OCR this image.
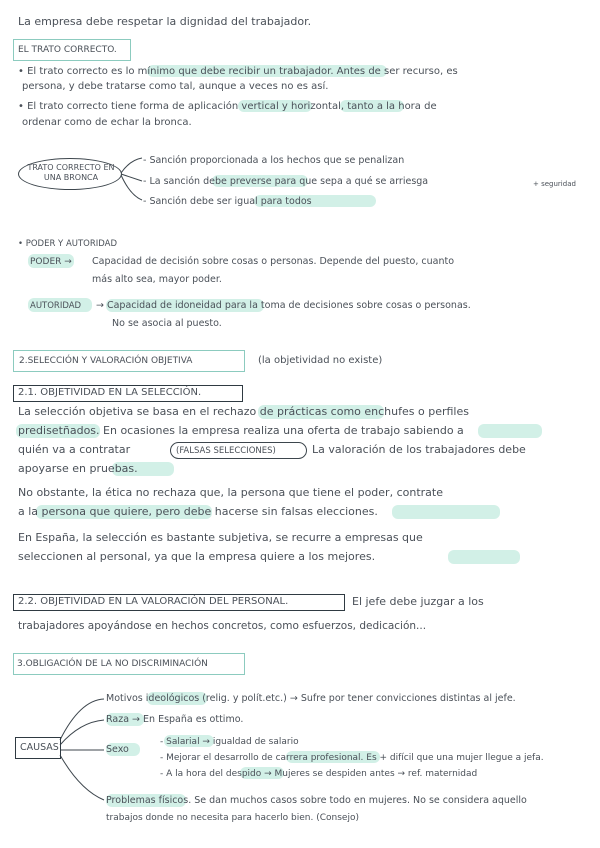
La empresa debe respetar la dignidad del trabajador.
EL TRATO CORRECTO.
• El trato correcto es lo mínimo que debe recibir un trabajador. Antes de ser recurso, es
persona, y debe tratarse como tal, aunque a veces no es así.
• El trato correcto tiene forma de aplicación vertical y horizontal, tanto a la hora de
ordenar como de echar la bronca.
TRATO CORRECTO EN UNA BRONCA
- Sanción proporcionada a los hechos que se penalizan
- La sanción debe preverse para que sepa a qué se arriesga	+ seguridad
- Sanción debe ser igual para todos
• PODER Y AUTORIDAD
PODER → Capacidad de decisión sobre cosas o personas. Depende del puesto, cuanto
más alto sea, mayor poder.
AUTORIDAD → Capacidad de idoneidad para la toma de decisiones sobre cosas o personas.
No se asocia al puesto.
2.SELECCIÓN Y VALORACIÓN OBJETIVA	(la objetividad no existe)
2.1. OBJETIVIDAD EN LA SELECCIÓN.
La selección objetiva se basa en el rechazo de prácticas como enchufes o perfiles
predisetñados. En ocasiones la empresa realiza una oferta de trabajo sabiendo a
quién va a contratar	(FALSAS SELECCIONES)	La valoración de los trabajadores debe
apoyarse en pruebas.
No obstante, la ética no rechaza que, la persona que tiene el poder, contrate
a la persona que quiere, pero debe hacerse sin falsas elecciones.
En España, la selección es bastante subjetiva, se recurre a empresas que
seleccionen al personal, ya que la empresa quiere a los mejores.
2.2. OBJETIVIDAD EN LA VALORACIÓN DEL PERSONAL.	El jefe debe juzgar a los
trabajadores apoyándose en hechos concretos, como esfuerzos, dedicación...
3.OBLIGACIÓN DE LA NO DISCRIMINACIÓN
CAUSAS
Motivos ideológicos (relig. y polít.etc.) → Sufre por tener convicciones distintas al jefe.
Raza → En España es ottimo.
Sexo
- Salarial → igualdad de salario
- Mejorar el desarrollo de carrera profesional. Es + difícil que una mujer llegue a jefa.
- A la hora del despido → Mujeres se despiden antes → ref. maternidad
Problemas físicos. Se dan muchos casos sobre todo en mujeres. No se considera aquello
trabajos donde no necesita para hacerlo bien. (Consejo)
